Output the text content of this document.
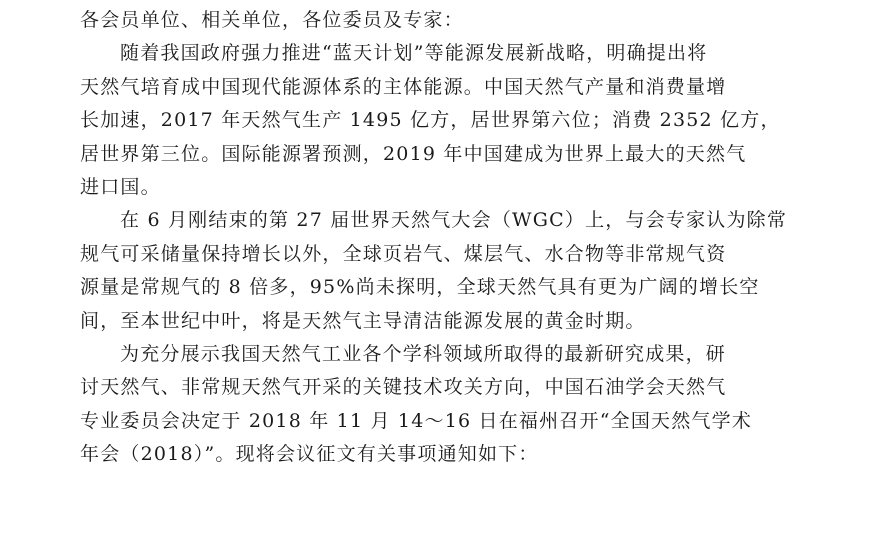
各会员单位、相关单位，各位委员及专家：
随着我国政府强力推进“蓝天计划”等能源发展新战略，明确提出将
天然气培育成中国现代能源体系的主体能源。中国天然气产量和消费量增
长加速，2017 年天然气生产 1495 亿方，居世界第六位；消费 2352 亿方，
居世界第三位。国际能源署预测，2019 年中国建成为世界上最大的天然气
进口国。
在 6 月刚结束的第 27 届世界天然气大会（WGC）上，与会专家认为除常
规气可采储量保持增长以外，全球页岩气、煤层气、水合物等非常规气资
源量是常规气的 8 倍多，95%尚未探明，全球天然气具有更为广阔的增长空
间，至本世纪中叶，将是天然气主导清洁能源发展的黄金时期。
为充分展示我国天然气工业各个学科领域所取得的最新研究成果，研
讨天然气、非常规天然气开采的关键技术攻关方向，中国石油学会天然气
专业委员会决定于 2018 年 11 月 14～16 日在福州召开“全国天然气学术
年会（2018）”。现将会议征文有关事项通知如下：
